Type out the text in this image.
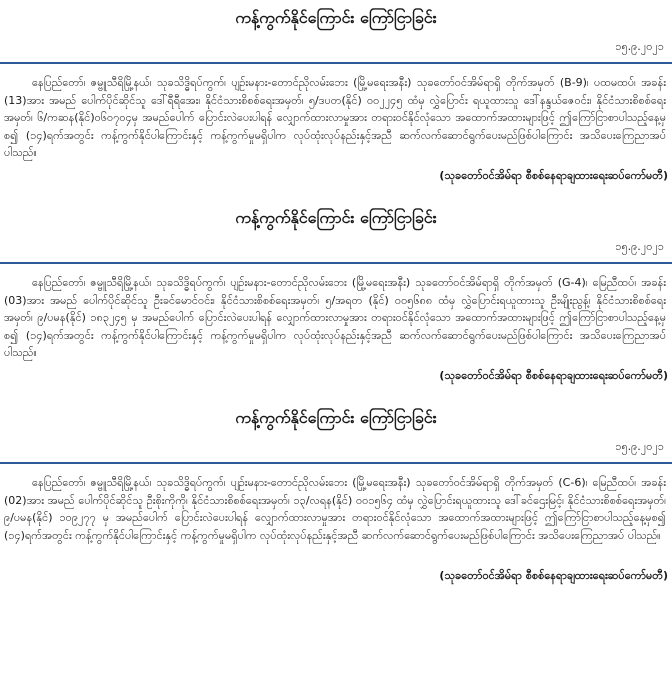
ကန့်ကွက်နိုင်ကြောင်း ကြော်ငြာခြင်း
၁၅.၉.၂၀၂၁
နေပြည်တော်၊ ဇမ္ဗူသီရိမြို့နယ်၊ သုခသိဒ္ဓိရပ်ကွက်၊ ပျဉ်းမနား-တောင်ညိုလမ်းဘေး (မြို့မရေးအနီး) သုခတော်ဝင်အိမ်ရာရှိ တိုက်အမှတ် (B-9)၊ ပထမထပ်၊ အခန်း (13)အား အမည် ပေါက်ပိုင်ဆိုင်သူ ဒေါ်ရီရီအေး၊ နိုင်ငံသားစိစစ်ရေးအမှတ်၊ ၅/ဒပတ(နိုင်) ၀၀၂၂၄၅ ထံမှ လွှဲပြောင်း ရယူထားသူ ဒေါ်နန္ဒယ်ဇေဝင်း၊ နိုင်ငံသားစိစစ်ရေးအမှတ်၊ ၆/ကဆန(နိုင်)၀၆၀၇၀၄မှ အမည်ပေါက် ပြောင်းလဲပေးပါရန် လျှောက်ထားလာမှုအား တရားဝင်နိုင်လုံသော အထောက်အထားများဖြင့် ဤကြော်ငြာစာပါသည့်နေ့မှစ၍ (၁၄)ရက်အတွင်း ကန့်ကွက်နိုင်ပါကြောင်းနှင့် ကန့်ကွက်မှုမရှိပါက လုပ်ထုံးလုပ်နည်းနှင့်အညီ ဆက်လက်ဆောင်ရွက်ပေးမည်ဖြစ်ပါကြောင်း အသိပေးကြေညာအပ် ပါသည်။
(သုခတော်ဝင်အိမ်ရာ စီစစ်နေရာချထားရေးဆပ်ကော်မတီ)
ကန့်ကွက်နိုင်ကြောင်း ကြော်ငြာခြင်း
၁၅.၉.၂၀၂၁
နေပြည်တော်၊ ဇမ္ဗူသီရိမြို့နယ်၊ သုခသိဒ္ဓိရပ်ကွက်၊ ပျဉ်းမနား-တောင်ညိုလမ်းဘေး (မြို့မရေးအနီး) သုခတော်ဝင်အိမ်ရာရှိ တိုက်အမှတ် (G-4)၊ မြေညီထပ်၊ အခန်း (03)အား အမည် ပေါက်ပိုင်ဆိုင်သူ ဦးခင်မောင်ဝင်း၊ နိုင်ငံသားစိစစ်ရေးအမှတ်၊ ၅/အရတ (နိုင်) ၀၀၅၆၈၈ ထံမှ လွှဲပြောင်းရယူထားသူ ဦးမျိုးညွန့်၊ နိုင်ငံသားစိစစ်ရေးအမှတ်၊ ၉/ပမန(နိုင်) ၁၈၃၂၄၅ မှ အမည်ပေါက် ပြောင်းလဲပေးပါရန် လျှောက်ထားလာမှုအား တရားဝင်နိုင်လုံသော အထောက်အထားများဖြင့် ဤကြော်ငြာစာပါသည့်နေ့မှစ၍ (၁၄)ရက်အတွင်း ကန့်ကွက်နိုင်ပါကြောင်းနှင့် ကန့်ကွက်မှုမရှိပါက လုပ်ထုံးလုပ်နည်းနှင့်အညီ ဆက်လက်ဆောင်ရွက်ပေးမည်ဖြစ်ပါကြောင်း အသိပေးကြေညာအပ် ပါသည်။
(သုခတော်ဝင်အိမ်ရာ စီစစ်နေရာချထားရေးဆပ်ကော်မတီ)
ကန့်ကွက်နိုင်ကြောင်း ကြော်ငြာခြင်း
၁၅.၉.၂၀၂၁
နေပြည်တော်၊ ဇမ္ဗူသီရိမြို့နယ်၊ သုခသိဒ္ဓိရပ်ကွက်၊ ပျဉ်းမနား-တောင်ညိုလမ်းဘေး (မြို့မရေးအနီး) သုခတော်ဝင်အိမ်ရာရှိ တိုက်အမှတ် (C-6)၊ မြေညီထပ်၊ အခန်း (02)အား အမည် ပေါက်ပိုင်ဆိုင်သူ ဦးစိုးကိုကို၊ နိုင်ငံသားစိစစ်ရေးအမှတ်၊ ၁၃/လရန(နိုင်) ၀၀၁၅၆၄ ထံမှ လွှဲပြောင်းရယူထားသူ ဒေါ်ခင်ဌေးမြင့်၊ နိုင်ငံသားစိစစ်ရေးအမှတ်၊ ၉/ပမန(နိုင်) ၁၀၉၂၇၇ မှ အမည်ပေါက် ပြောင်းလဲပေးပါရန် လျှောက်ထားလာမှုအား တရားဝင်နိုင်လုံသော အထောက်အထားများဖြင့် ဤကြော်ငြာစာပါသည့်နေ့မှစ၍ (၁၄)ရက်အတွင်း ကန့်ကွက်နိုင်ပါကြောင်းနှင့် ကန့်ကွက်မှုမရှိပါက လုပ်ထုံးလုပ်နည်းနှင့်အညီ ဆက်လက်ဆောင်ရွက်ပေးမည်ဖြစ်ပါကြောင်း အသိပေးကြေညာအပ် ပါသည်။
(သုခတော်ဝင်အိမ်ရာ စီစစ်နေရာချထားရေးဆပ်ကော်မတီ)
